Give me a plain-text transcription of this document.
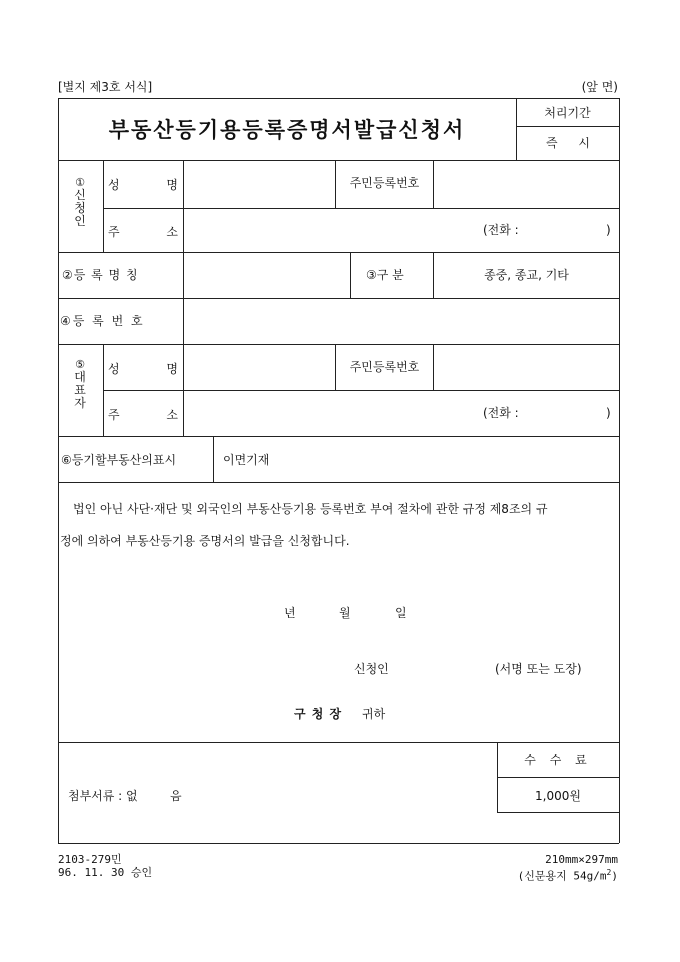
[별지 제3호 서식]	(앞 면)
부동산등기용등록증명서발급신청서
처리기간
즉 시
①
신
청
인
성	명	주민등록번호
주	소	(전화 :	)
②등 록 명 칭	③구 분	종중, 종교, 기타
④등 록 번 호
⑤
대
표
자
성	명	주민등록번호
주	소	(전화 :	)
⑥등기할부동산의표시	이면기재
법인 아닌 사단·재단 및 외국인의 부동산등기용 등록번호 부여 절차에 관한 규정 제8조의 규
정에 의하여 부동산등기용 증명서의 발급을 신청합니다.
년	월	일
신청인	(서명 또는 도장)
구 청 장 귀하
첨부서류 : 없	음
수 수 료
1,000원
2103-279민
96. 11. 30 승인
210mm×297mm
(신문용지 $54g/m^2$)
